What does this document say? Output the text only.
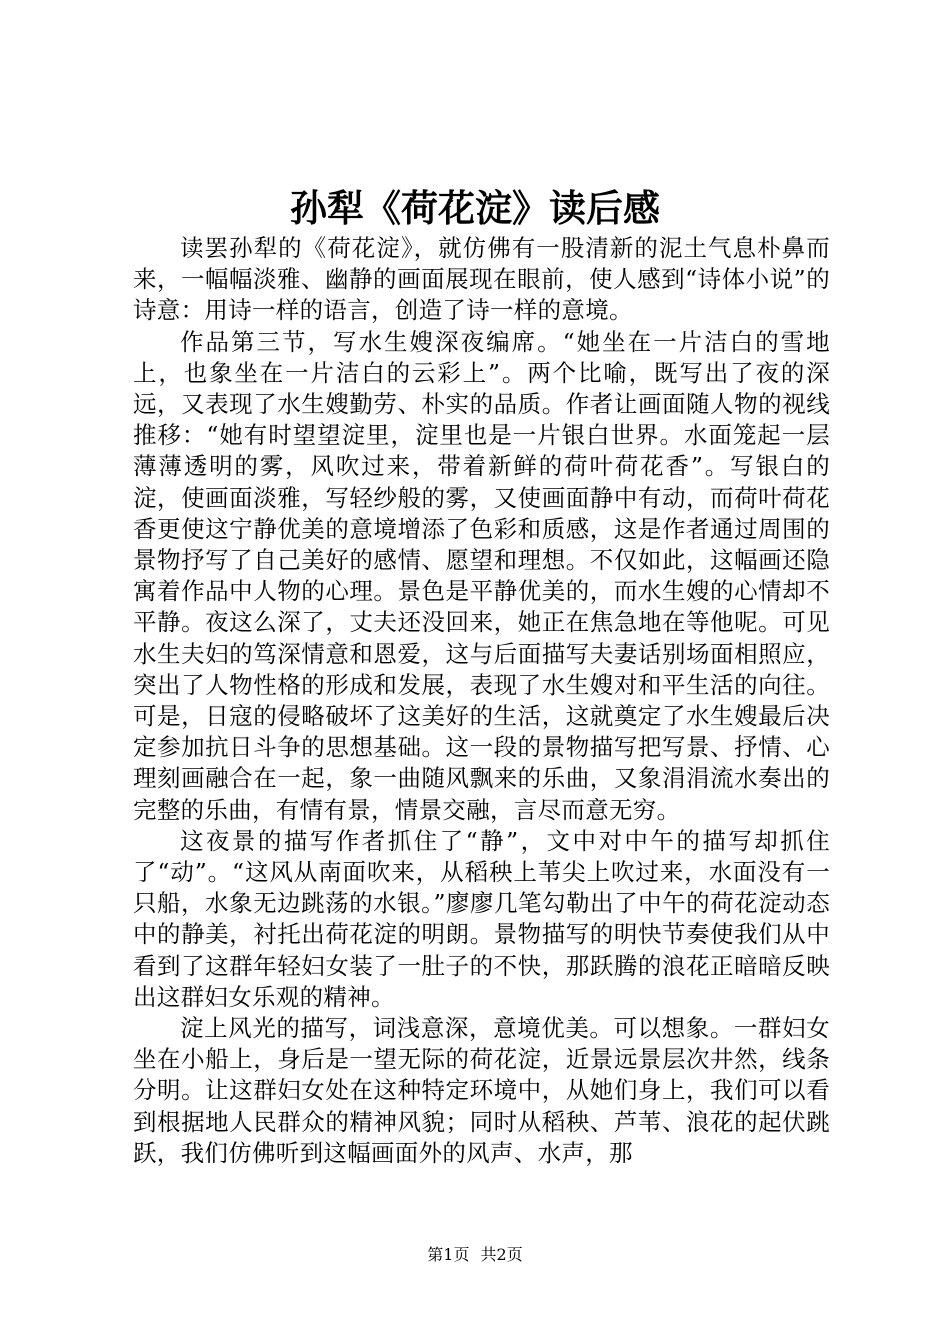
孙犁《荷花淀》读后感

读罢孙犁的《荷花淀》，就仿佛有一股清新的泥土气息朴鼻而来，一幅幅淡雅、幽静的画面展现在眼前，使人感到“诗体小说”的诗意：用诗一样的语言，创造了诗一样的意境。

作品第三节，写水生嫂深夜编席。“她坐在一片洁白的雪地上，也象坐在一片洁白的云彩上”。两个比喻，既写出了夜的深远，又表现了水生嫂勤劳、朴实的品质。作者让画面随人物的视线推移：“她有时望望淀里，淀里也是一片银白世界。水面笼起一层薄薄透明的雾，风吹过来，带着新鲜的荷叶荷花香”。写银白的淀，使画面淡雅，写轻纱般的雾，又使画面静中有动，而荷叶荷花香更使这宁静优美的意境增添了色彩和质感，这是作者通过周围的景物抒写了自己美好的感情、愿望和理想。不仅如此，这幅画还隐寓着作品中人物的心理。景色是平静优美的，而水生嫂的心情却不平静。夜这么深了，丈夫还没回来，她正在焦急地在等他呢。可见水生夫妇的笃深情意和恩爱，这与后面描写夫妻话别场面相照应，突出了人物性格的形成和发展，表现了水生嫂对和平生活的向往。可是，日寇的侵略破坏了这美好的生活，这就奠定了水生嫂最后决定参加抗日斗争的思想基础。这一段的景物描写把写景、抒情、心理刻画融合在一起，象一曲随风飘来的乐曲，又象涓涓流水奏出的完整的乐曲，有情有景，情景交融，言尽而意无穷。

这夜景的描写作者抓住了“静”，文中对中午的描写却抓住了“动”。“这风从南面吹来，从稻秧上苇尖上吹过来，水面没有一只船，水象无边跳荡的水银。”廖廖几笔勾勒出了中午的荷花淀动态中的静美，衬托出荷花淀的明朗。景物描写的明快节奏使我们从中看到了这群年轻妇女装了一肚子的不快，那跃腾的浪花正暗暗反映出这群妇女乐观的精神。

淀上风光的描写，词浅意深，意境优美。可以想象。一群妇女坐在小船上，身后是一望无际的荷花淀，近景远景层次井然，线条分明。让这群妇女处在这种特定环境中，从她们身上，我们可以看到根据地人民群众的精神风貌；同时从稻秧、芦苇、浪花的起伏跳跃，我们仿佛听到这幅画面外的风声、水声，那

第1页 共2页
